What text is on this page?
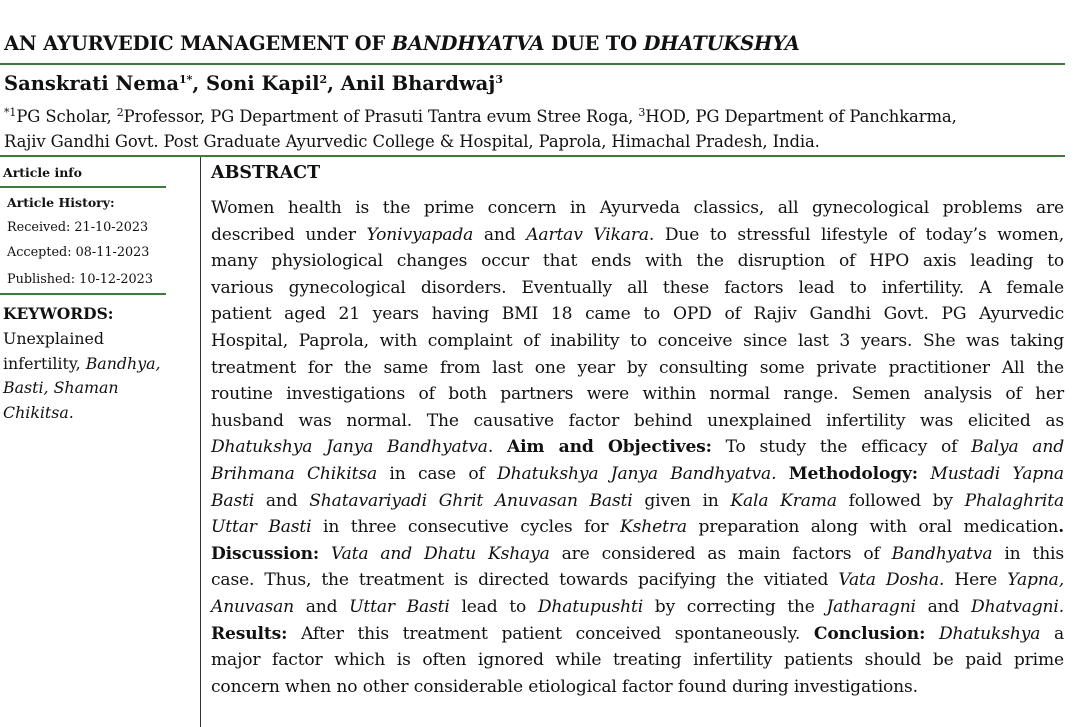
AN AYURVEDIC MANAGEMENT OF BANDHYATVA DUE TO DHATUKSHYA

Sanskrati Nema$^{1*}$, Soni Kapil$^2$, Anil Bhardwaj$^3$

$^{*1}$PG Scholar, $^2$Professor, PG Department of Prasuti Tantra evum Stree Roga, $^3$HOD, PG Department of Panchkarma,
Rajiv Gandhi Govt. Post Graduate Ayurvedic College & Hospital, Paprola, Himachal Pradesh, India.

Article info

Article History:

Received: 21-10-2023

Accepted: 08-11-2023

Published: 10-12-2023

KEYWORDS:

Unexplained
infertility, Bandhya,
Basti, Shaman
Chikitsa.

ABSTRACT

Women health is the prime concern in Ayurveda classics, all gynecological problems are
described under Yonivyapada and Aartav Vikara. Due to stressful lifestyle of today’s women,
many physiological changes occur that ends with the disruption of HPO axis leading to
various gynecological disorders. Eventually all these factors lead to infertility. A female
patient aged 21 years having BMI 18 came to OPD of Rajiv Gandhi Govt. PG Ayurvedic
Hospital, Paprola, with complaint of inability to conceive since last 3 years. She was taking
treatment for the same from last one year by consulting some private practitioner All the
routine investigations of both partners were within normal range. Semen analysis of her
husband was normal. The causative factor behind unexplained infertility was elicited as
Dhatukshya Janya Bandhyatva. Aim and Objectives: To study the efficacy of Balya and
Brihmana Chikitsa in case of Dhatukshya Janya Bandhyatva. Methodology: Mustadi Yapna
Basti and Shatavariyadi Ghrit Anuvasan Basti given in Kala Krama followed by Phalaghrita
Uttar Basti in three consecutive cycles for Kshetra preparation along with oral medication.
Discussion: Vata and Dhatu Kshaya are considered as main factors of Bandhyatva in this
case. Thus, the treatment is directed towards pacifying the vitiated Vata Dosha. Here Yapna,
Anuvasan and Uttar Basti lead to Dhatupushti by correcting the Jatharagni and Dhatvagni.
Results: After this treatment patient conceived spontaneously. Conclusion: Dhatukshya a
major factor which is often ignored while treating infertility patients should be paid prime
concern when no other considerable etiological factor found during investigations.
